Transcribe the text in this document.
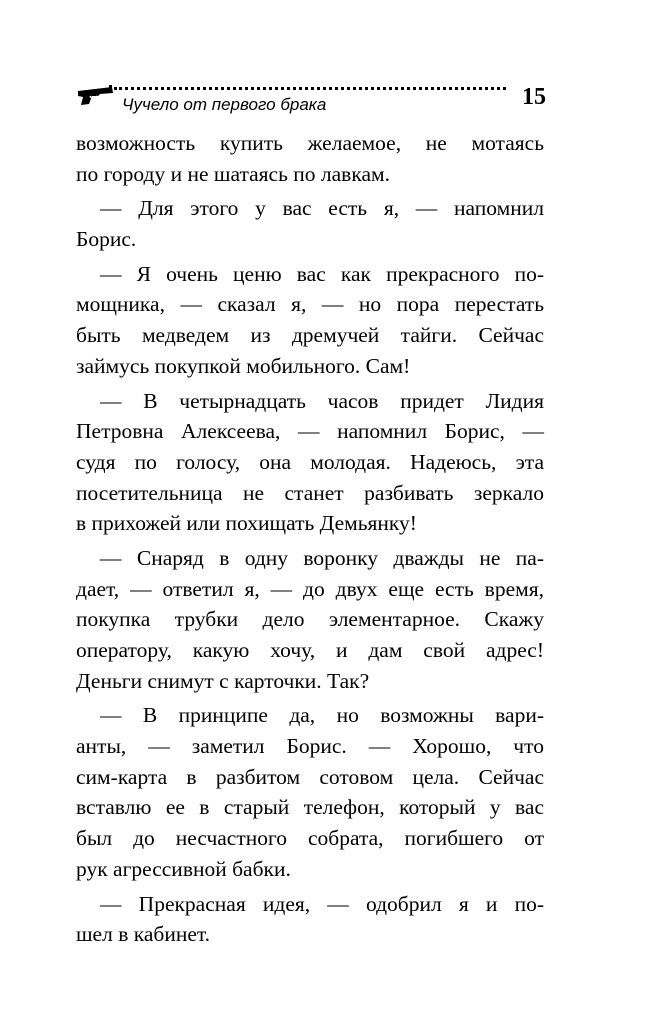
Чучело от первого брака	15
возможность купить желаемое, не мотаясь
по городу и не шатаясь по лавкам.
— Для этого у вас есть я, — напомнил
Борис.
— Я очень ценю вас как прекрасного по-
мощника, — сказал я, — но пора перестать
быть медведем из дремучей тайги. Сейчас
займусь покупкой мобильного. Сам!
— В четырнадцать часов придет Лидия
Петровна Алексеева, — напомнил Борис, —
судя по голосу, она молодая. Надеюсь, эта
посетительница не станет разбивать зеркало
в прихожей или похищать Демьянку!
— Снаряд в одну воронку дважды не па-
дает, — ответил я, — до двух еще есть время,
покупка трубки дело элементарное. Скажу
оператору, какую хочу, и дам свой адрес!
Деньги снимут с карточки. Так?
— В принципе да, но возможны вари-
анты, — заметил Борис. — Хорошо, что
сим-карта в разбитом сотовом цела. Сейчас
вставлю ее в старый телефон, который у вас
был до несчастного собрата, погибшего от
рук агрессивной бабки.
— Прекрасная идея, — одобрил я и по-
шел в кабинет.
